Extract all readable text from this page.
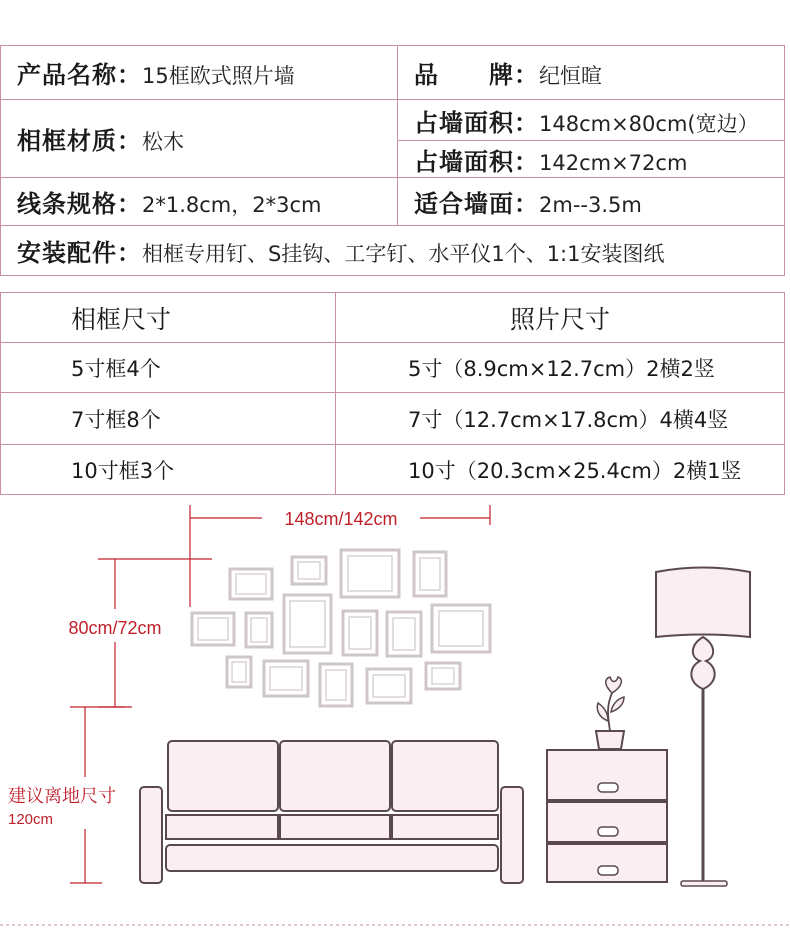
产品名称：15框欧式照片墙	品　　牌：纪恒暄
相框材质：松木	占墙面积：148cm×80cm(宽边）
	占墙面积：142cm×72cm
线条规格：2*1.8cm，2*3cm	适合墙面：2m--3.5m
安装配件：相框专用钉、S挂钩、工字钉、水平仪1个、1:1安装图纸	
相框尺寸	照片尺寸
5寸框4个	5寸（8.9cm×12.7cm）2横2竖
7寸框8个	7寸（12.7cm×17.8cm）4横4竖
10寸框3个	10寸（20.3cm×25.4cm）2横1竖
148cm/142cm
80cm/72cm
建议离地尺寸
120cm
